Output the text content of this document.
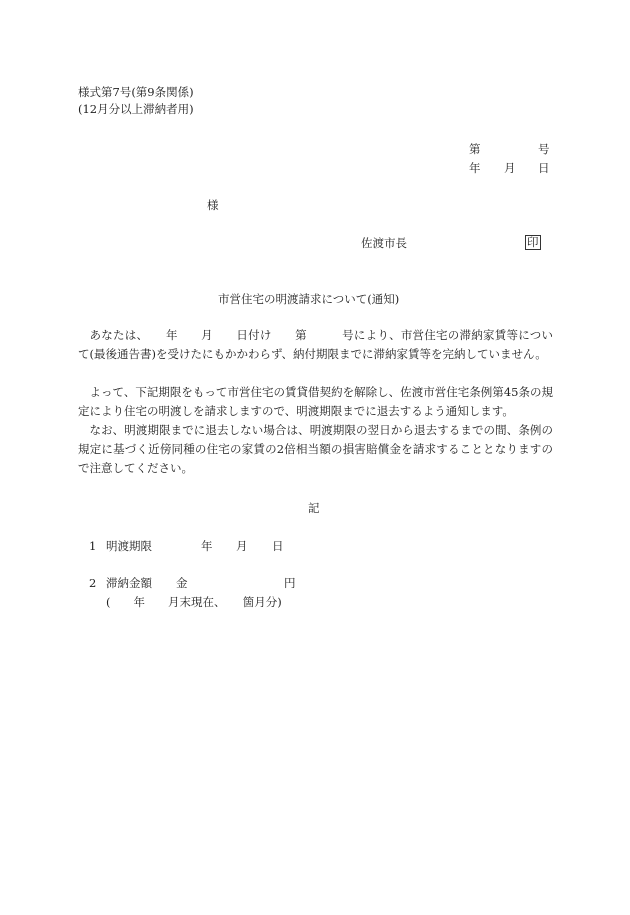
様式第7号(第9条関係)
(12月分以上滞納者用)
第	号
年 月 日
様
佐渡市長	印
市営住宅の明渡請求について(通知)
あなたは、　　年　　月　　日付け　　第　　　号により、市営住宅の滞納家賃等について(最後通告書)を受けたにもかかわらず、納付期限までに滞納家賃等を完納していません。
よって、下記期限をもって市営住宅の賃貸借契約を解除し、佐渡市営住宅条例第45条の規定により住宅の明渡しを請求しますので、明渡期限までに退去するよう通知します。
なお、明渡期限までに退去しない場合は、明渡期限の翌日から退去するまでの間、条例の規定に基づく近傍同種の住宅の家賃の2倍相当額の損害賠償金を請求することとなりますので注意してください。
記
1 明渡期限	年 月 日
2 滞納金額 金	円
(　　年　　月末現在、　　箇月分)
